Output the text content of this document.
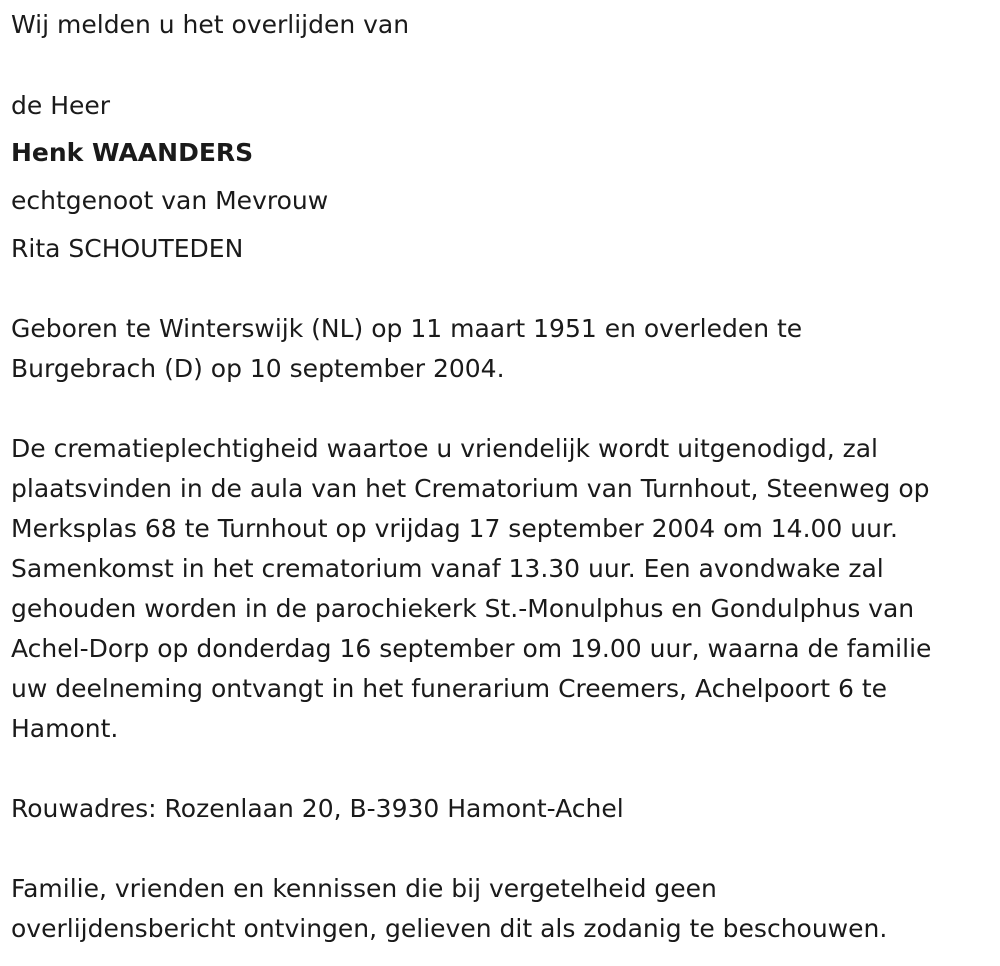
Wij melden u het overlijden van
de Heer
Henk WAANDERS
echtgenoot van Mevrouw
Rita SCHOUTEDEN
Geboren te Winterswijk (NL) op 11 maart 1951 en overleden te
Burgebrach (D) op 10 september 2004.
De crematieplechtigheid waartoe u vriendelijk wordt uitgenodigd, zal
plaatsvinden in de aula van het Crematorium van Turnhout, Steenweg op
Merksplas 68 te Turnhout op vrijdag 17 september 2004 om 14.00 uur.
Samenkomst in het crematorium vanaf 13.30 uur. Een avondwake zal
gehouden worden in de parochiekerk St.-Monulphus en Gondulphus van
Achel-Dorp op donderdag 16 september om 19.00 uur, waarna de familie
uw deelneming ontvangt in het funerarium Creemers, Achelpoort 6 te
Hamont.
Rouwadres: Rozenlaan 20, B-3930 Hamont-Achel
Familie, vrienden en kennissen die bij vergetelheid geen
overlijdensbericht ontvingen, gelieven dit als zodanig te beschouwen.
